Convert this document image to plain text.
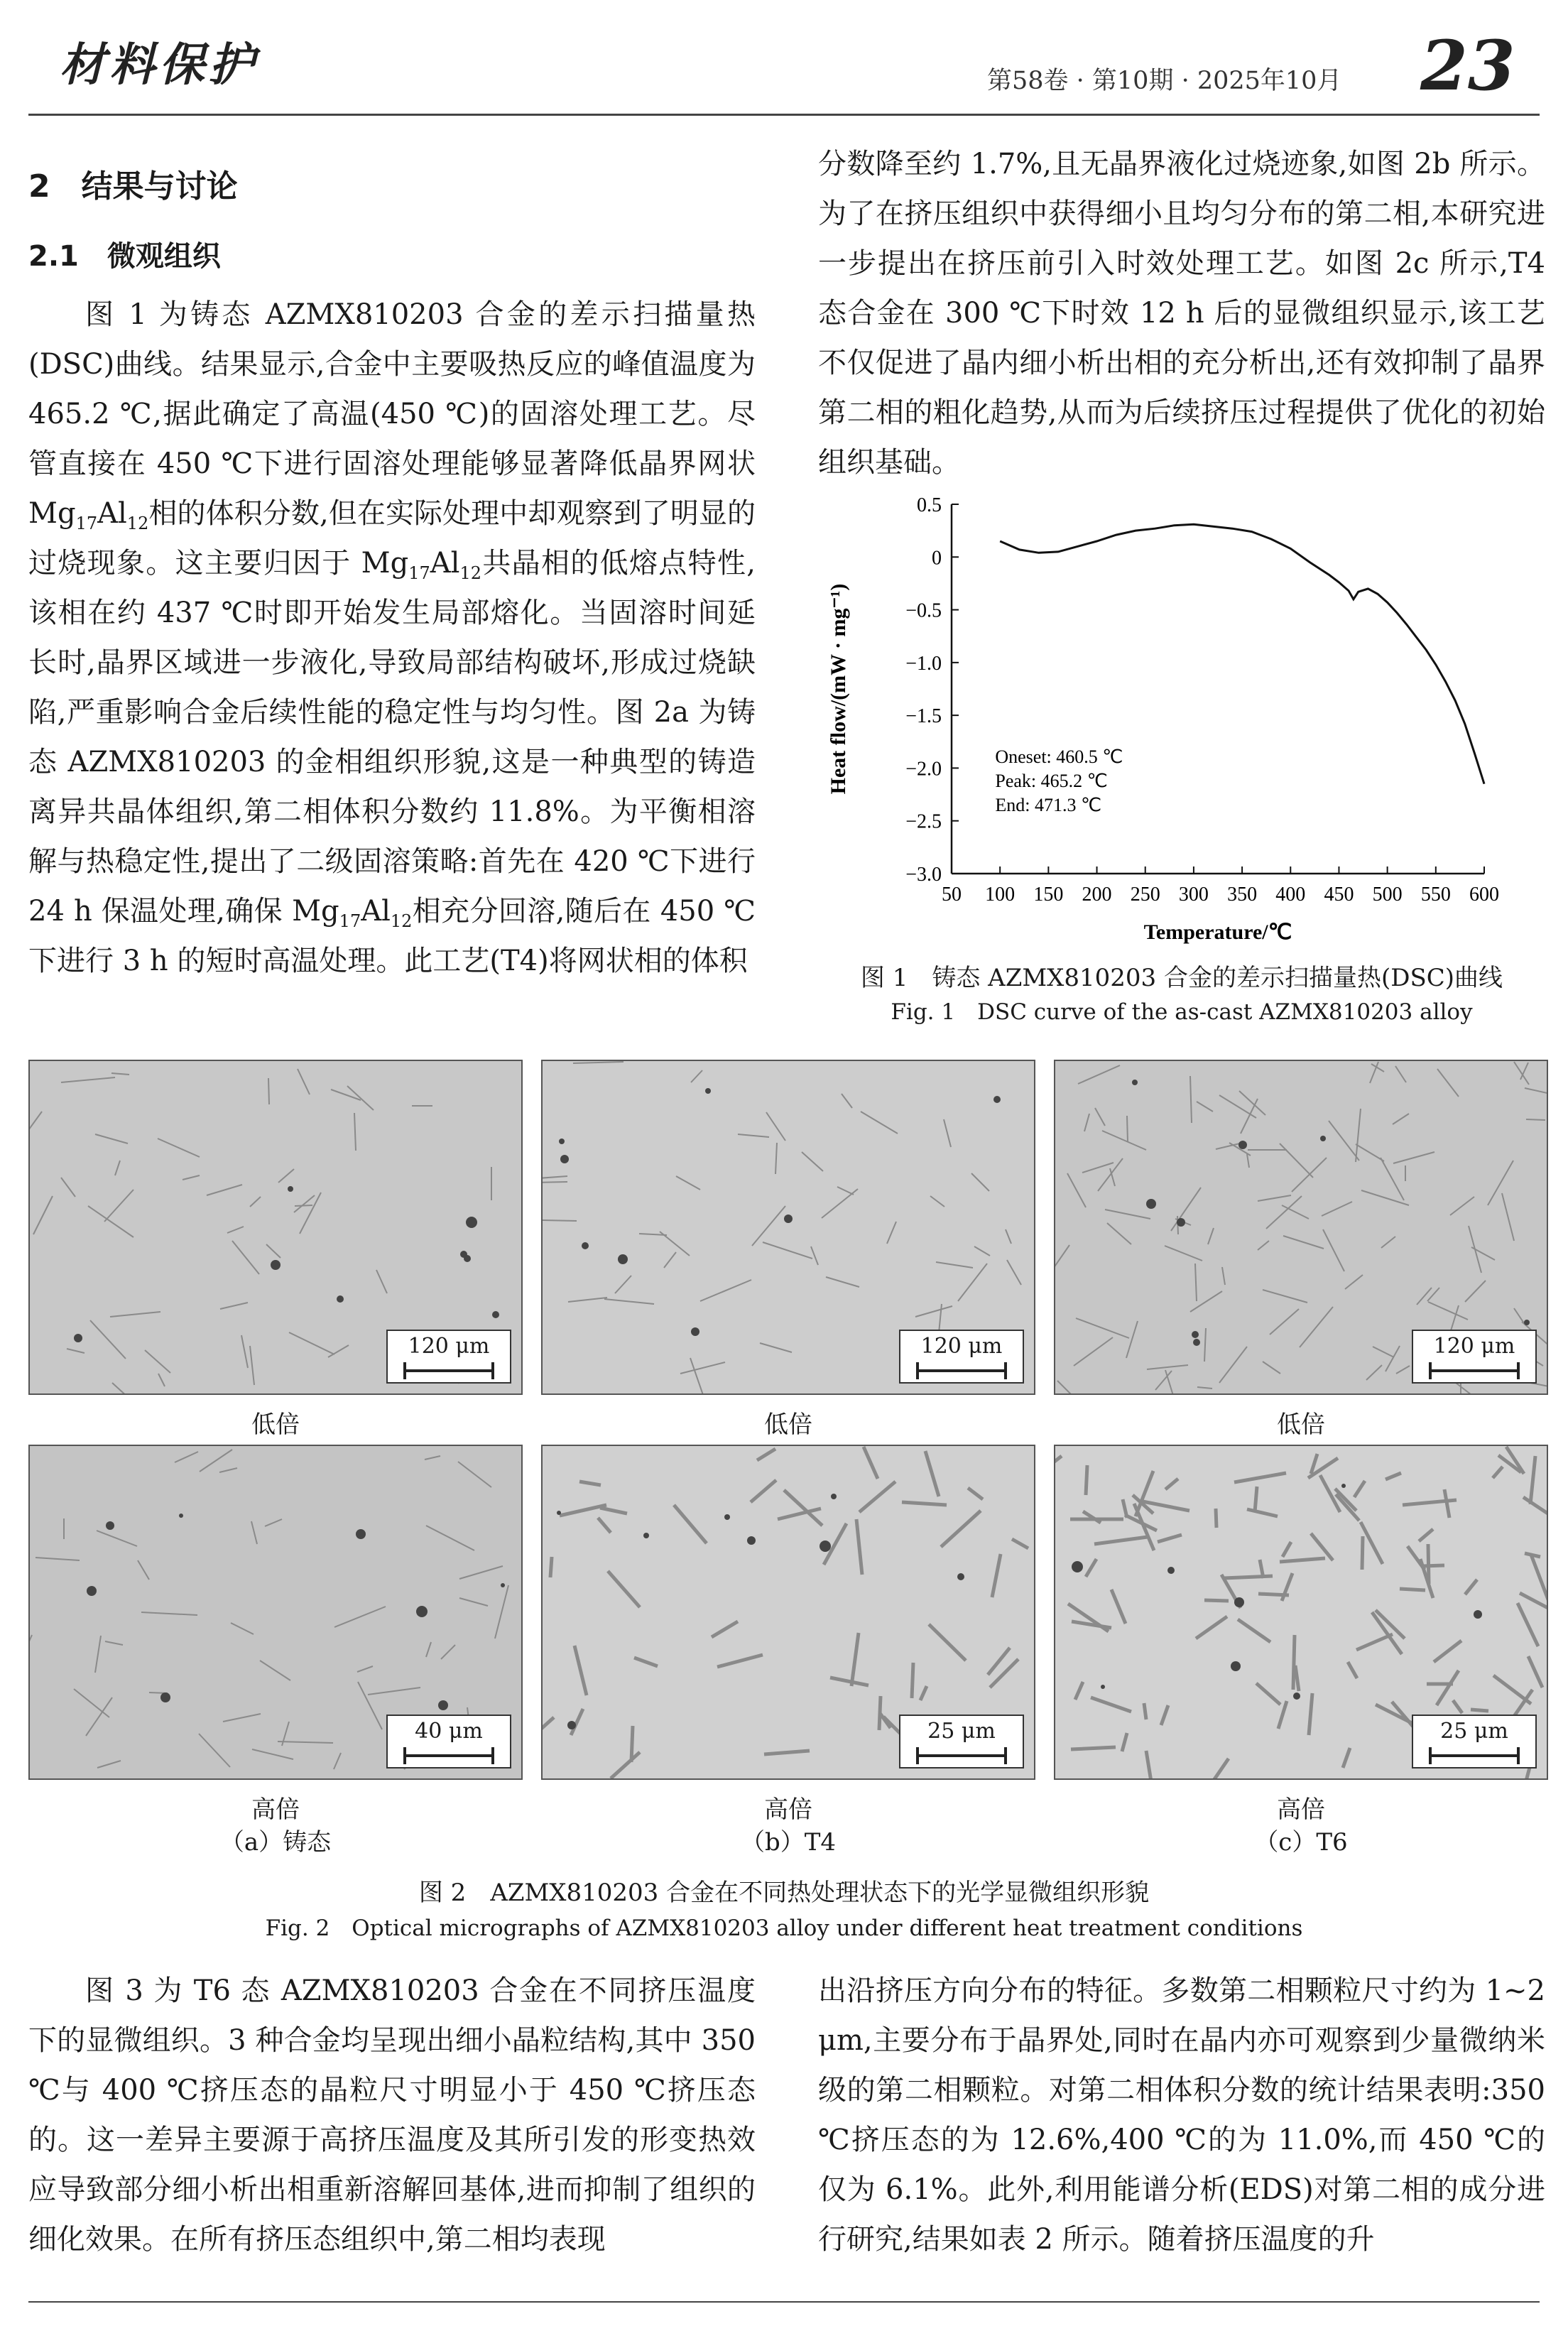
材料保护	第58卷 · 第10期 · 2025年10月 23
2　结果与讨论
2.1　微观组织

图 1 为铸态 AZMX810203 合金的差示扫描量热(DSC)曲线。结果显示,合金中主要吸热反应的峰值温度为 465.2 ℃,据此确定了高温(450 ℃)的固溶处理工艺。尽管直接在 450 ℃下进行固溶处理能够显著降低晶界网状 $Mg_{17}Al_{12}$相的体积分数,但在实际处理中却观察到了明显的过烧现象。这主要归因于 $Mg_{17}Al_{12}$共晶相的低熔点特性,该相在约 437 ℃时即开始发生局部熔化。当固溶时间延长时,晶界区域进一步液化,导致局部结构破坏,形成过烧缺陷,严重影响合金后续性能的稳定性与均匀性。图 2a 为铸态 AZMX810203 的金相组织形貌,这是一种典型的铸造离异共晶体组织,第二相体积分数约 11.8%。为平衡相溶解与热稳定性,提出了二级固溶策略:首先在 420 ℃下进行 24 h 保温处理,确保 $Mg_{17}Al_{12}$相充分回溶,随后在 450 ℃下进行 3 h 的短时高温处理。此工艺(T4)将网状相的体积

分数降至约 1.7%,且无晶界液化过烧迹象,如图 2b 所示。为了在挤压组织中获得细小且均匀分布的第二相,本研究进一步提出在挤压前引入时效处理工艺。如图 2c 所示,T4 态合金在 300 ℃下时效 12 h 后的显微组织显示,该工艺不仅促进了晶内细小析出相的充分析出,还有效抑制了晶界第二相的粗化趋势,从而为后续挤压过程提供了优化的初始组织基础。

50 100 150 200 250 300 350 400 450 500 550 600
0.5
0
−0.5
−1.0
−1.5
−2.0
−2.5
−3.0
Temperature/℃
Heat flow/(mW · mg⁻¹)	Oneset: 460.5 ℃
Peak: 465.2 ℃
End: 471.3 ℃
图 1　铸态 AZMX810203 合金的差示扫描量热(DSC)曲线
Fig. 1　DSC curve of the as-cast AZMX810203 alloy
120 μm	120 μm	120 μm
40 μm	25 μm	25 μm
低倍	低倍	低倍
高倍	高倍	高倍
（a）铸态	（b）T4	（c）T6
图 2　AZMX810203 合金在不同热处理状态下的光学显微组织形貌
Fig. 2　Optical micrographs of AZMX810203 alloy under different heat treatment conditions

图 3 为 T6 态 AZMX810203 合金在不同挤压温度下的显微组织。3 种合金均呈现出细小晶粒结构,其中 350 ℃与 400 ℃挤压态的晶粒尺寸明显小于 450 ℃挤压态的。这一差异主要源于高挤压温度及其所引发的形变热效应导致部分细小析出相重新溶解回基体,进而抑制了组织的细化效果。在所有挤压态组织中,第二相均表现

出沿挤压方向分布的特征。多数第二相颗粒尺寸约为 1~2 μm,主要分布于晶界处,同时在晶内亦可观察到少量微纳米级的第二相颗粒。对第二相体积分数的统计结果表明:350 ℃挤压态的为 12.6%,400 ℃的为 11.0%,而 450 ℃的仅为 6.1%。此外,利用能谱分析(EDS)对第二相的成分进行研究,结果如表 2 所示。随着挤压温度的升
